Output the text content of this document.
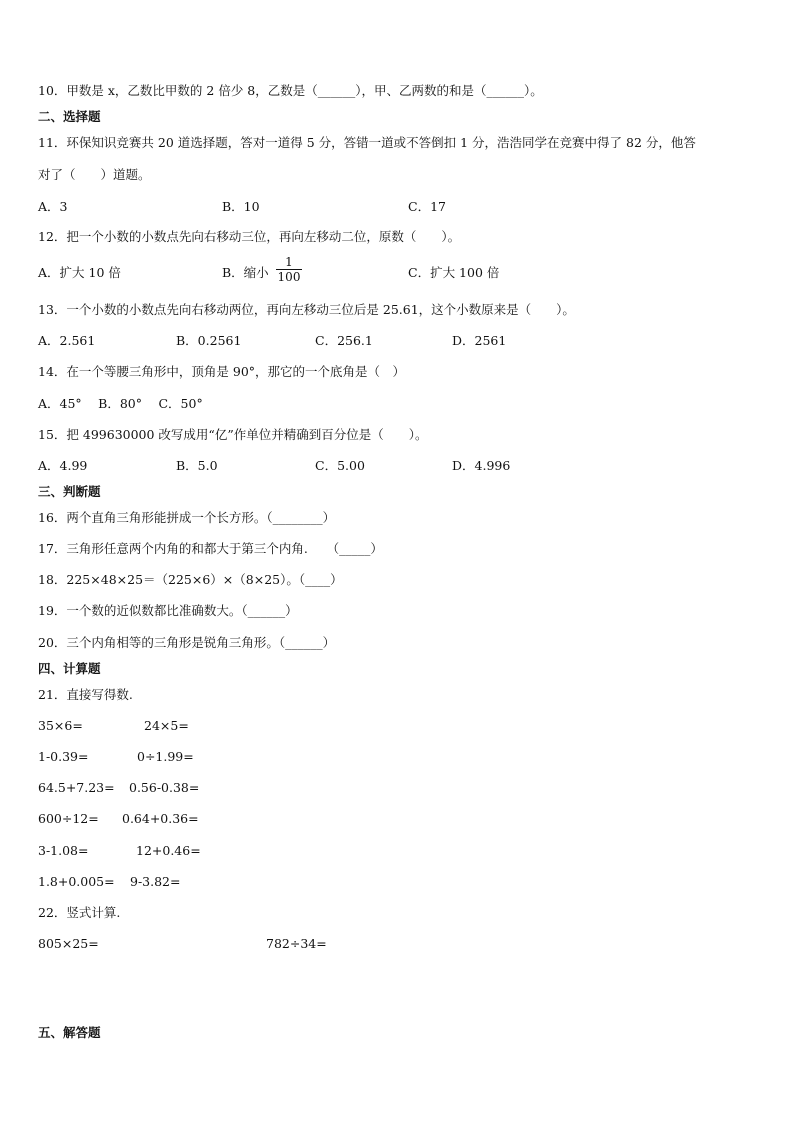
10．甲数是 x，乙数比甲数的 2 倍少 8，乙数是（______），甲、乙两数的和是（______）。
二、选择题
11．环保知识竞赛共 20 道选择题，答对一道得 5 分，答错一道或不答倒扣 1 分，浩浩同学在竞赛中得了 82 分，他答
对了（　　）道题。
A．3	B．10	C．17
12．把一个小数的小数点先向右移动三位，再向左移动二位，原数（　　）。
A．扩大 10 倍	B．缩小
1
100	C．扩大 100 倍
13．一个小数的小数点先向右移动两位，再向左移动三位后是 25.61，这个小数原来是（　　）。
A．2.561	B．0.2561	C．256.1	D．2561
14．在一个等腰三角形中，顶角是 90°，那它的一个底角是（　）
A．45°　 B．80°　 C．50°
15．把 499630000 改写成用“亿”作单位并精确到百分位是（　　）。
A．4.99	B．5.0	C．5.00	D．4.996
三、判断题
16．两个直角三角形能拼成一个长方形。（________）
17．三角形任意两个内角的和都大于第三个内角.　　（_____）
18．225×48×25＝（225×6）×（8×25）。（____）
19．一个数的近似数都比准确数大。（______）
20．三个内角相等的三角形是锐角三角形。（______）
四、计算题
21．直接写得数.
35×6=	24×5=
1-0.39=	0÷1.99=
64.5+7.23= 0.56-0.38=
600÷12= 0.64+0.36=
3-1.08=	12+0.46=
1.8+0.005= 9-3.82=
22．竖式计算.
805×25=	782÷34=
五、解答题
